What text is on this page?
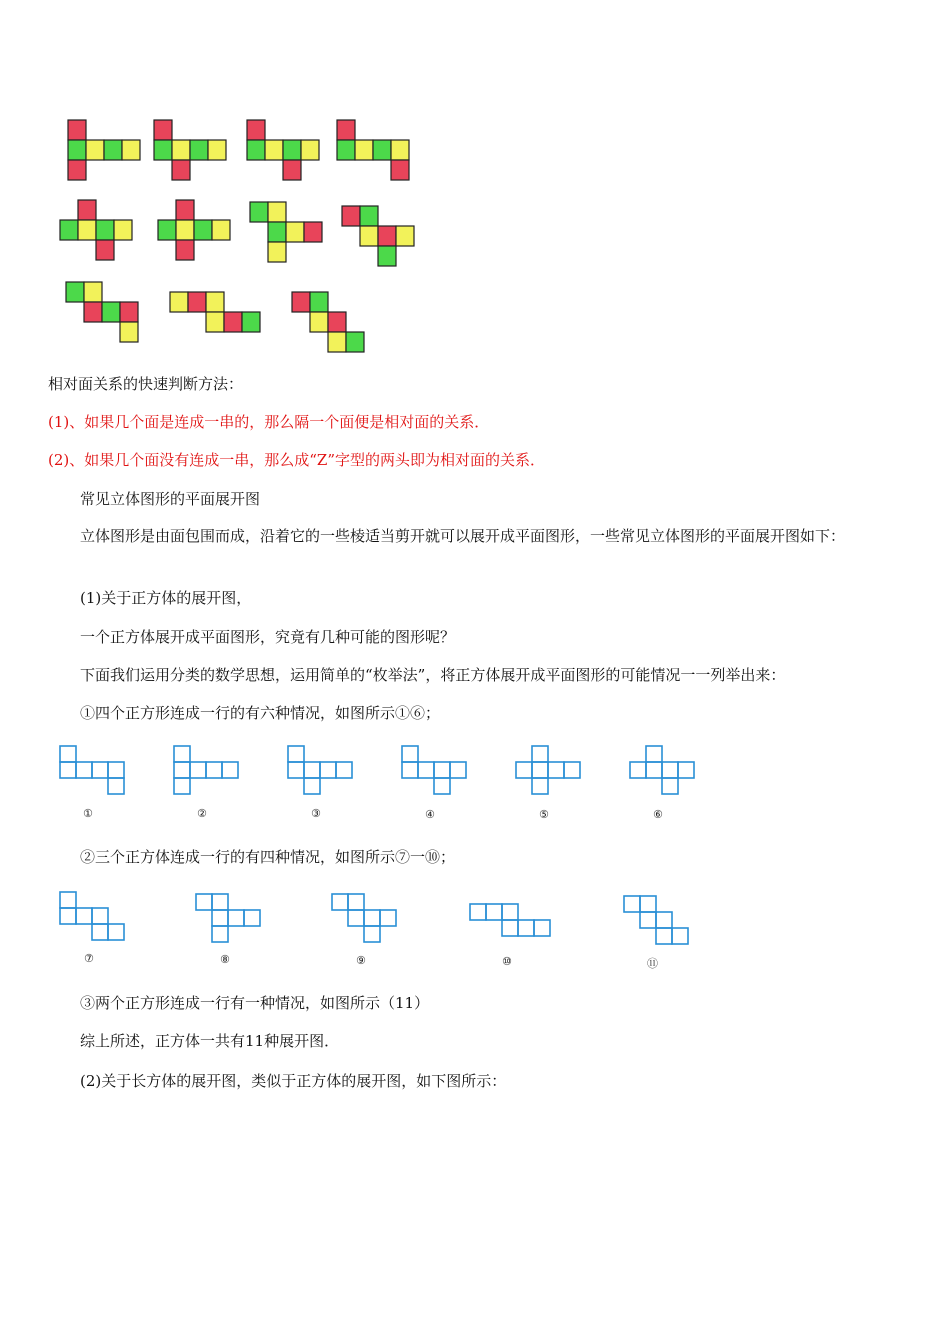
相对面关系的快速判断方法：

(1)、如果几个面是连成一串的，那么隔一个面便是相对面的关系．

(2)、如果几个面没有连成一串，那么成“Z”字型的两头即为相对面的关系．

常见立体图形的平面展开图

立体图形是由面包围而成，沿着它的一些棱适当剪开就可以展开成平面图形，一些常见立体图形的平面展开图如下：

(1)关于正方体的展开图，

一个正方体展开成平面图形，究竟有几种可能的图形呢？

下面我们运用分类的数学思想，运用简单的“枚举法”，将正方体展开成平面图形的可能情况一一列举出来：

①四个正方形连成一行的有六种情况，如图所示①⑥；

①	②	③	④	⑤	⑥

②三个正方体连成一行的有四种情况，如图所示⑦一⑩；

⑦	⑧	⑨	⑩	⑪

③两个正方形连成一行有一种情况，如图所示（11）

综上所述，正方体一共有11种展开图．

(2)关于长方体的展开图，类似于正方体的展开图，如下图所示：
